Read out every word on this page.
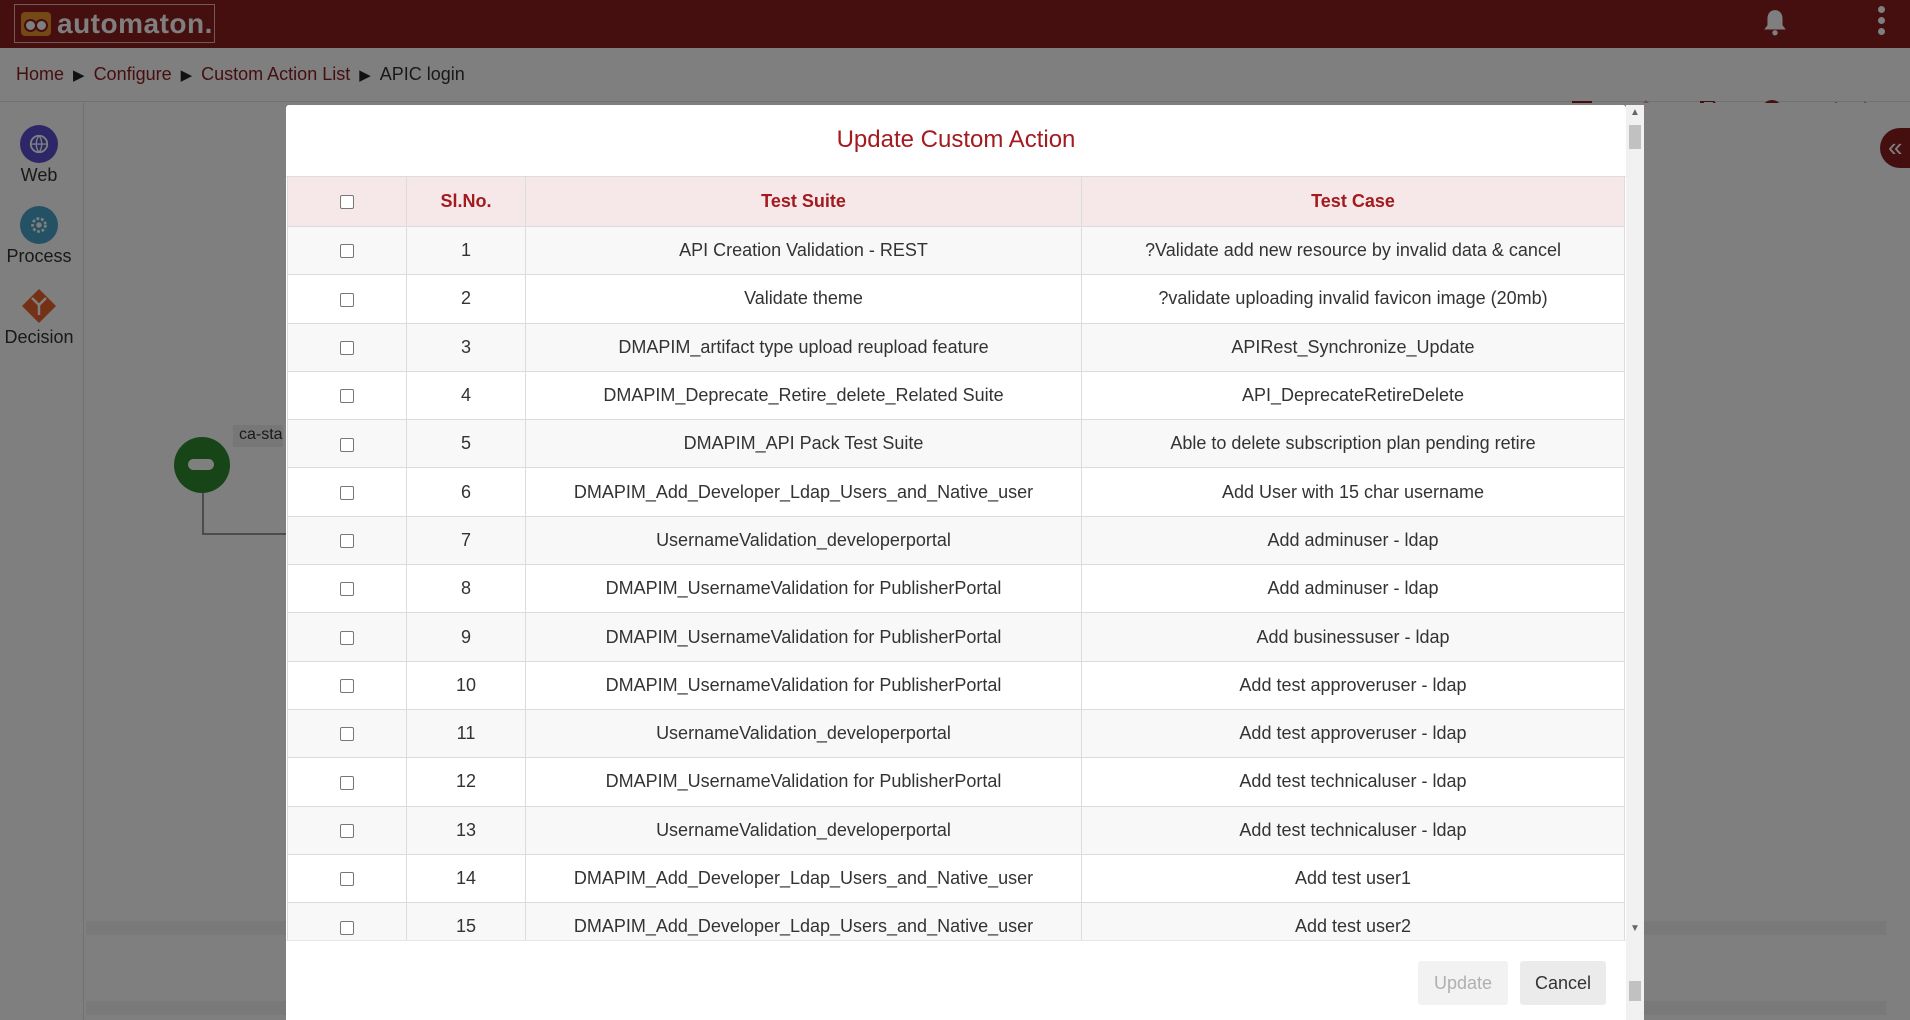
Update Custom Action
	Sl.No.	Test Suite	Test Case
	1	API Creation Validation - REST	?Validate add new resource by invalid data & cancel
	2	Validate theme	?validate uploading invalid favicon image (20mb)
	3	DMAPIM_artifact type upload reupload feature	APIRest_Synchronize_Update
	4	DMAPIM_Deprecate_Retire_delete_Related Suite	API_DeprecateRetireDelete
	5	DMAPIM_API Pack Test Suite	Able to delete subscription plan pending retire
	6	DMAPIM_Add_Developer_Ldap_Users_and_Native_user	Add User with 15 char username
	7	UsernameValidation_developerportal	Add adminuser - ldap
	8	DMAPIM_UsernameValidation for PublisherPortal	Add adminuser - ldap
	9	DMAPIM_UsernameValidation for PublisherPortal	Add businessuser - ldap
	10	DMAPIM_UsernameValidation for PublisherPortal	Add test approveruser - ldap
	11	UsernameValidation_developerportal	Add test approveruser - ldap
	12	DMAPIM_UsernameValidation for PublisherPortal	Add test technicaluser - ldap
	13	UsernameValidation_developerportal	Add test technicaluser - ldap
	14	DMAPIM_Add_Developer_Ldap_Users_and_Native_user	Add test user1
	15	DMAPIM_Add_Developer_Ldap_Users_and_Native_user	Add test user2
Update	Cancel
▲
▼
